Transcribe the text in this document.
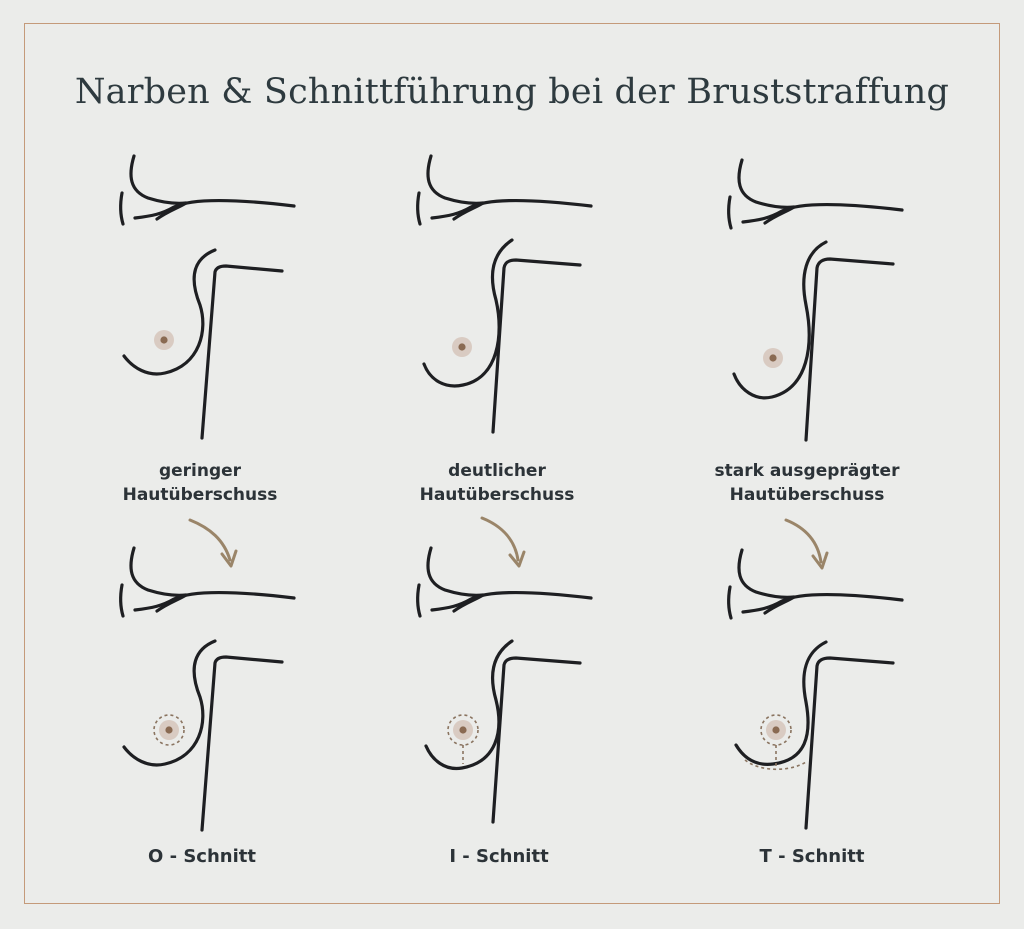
Narben & Schnittführung bei der Bruststraffung
geringer
Hautüberschuss
deutlicher
Hautüberschuss
stark ausgeprägter
Hautüberschuss
O - Schnitt	I - Schnitt	T - Schnitt
